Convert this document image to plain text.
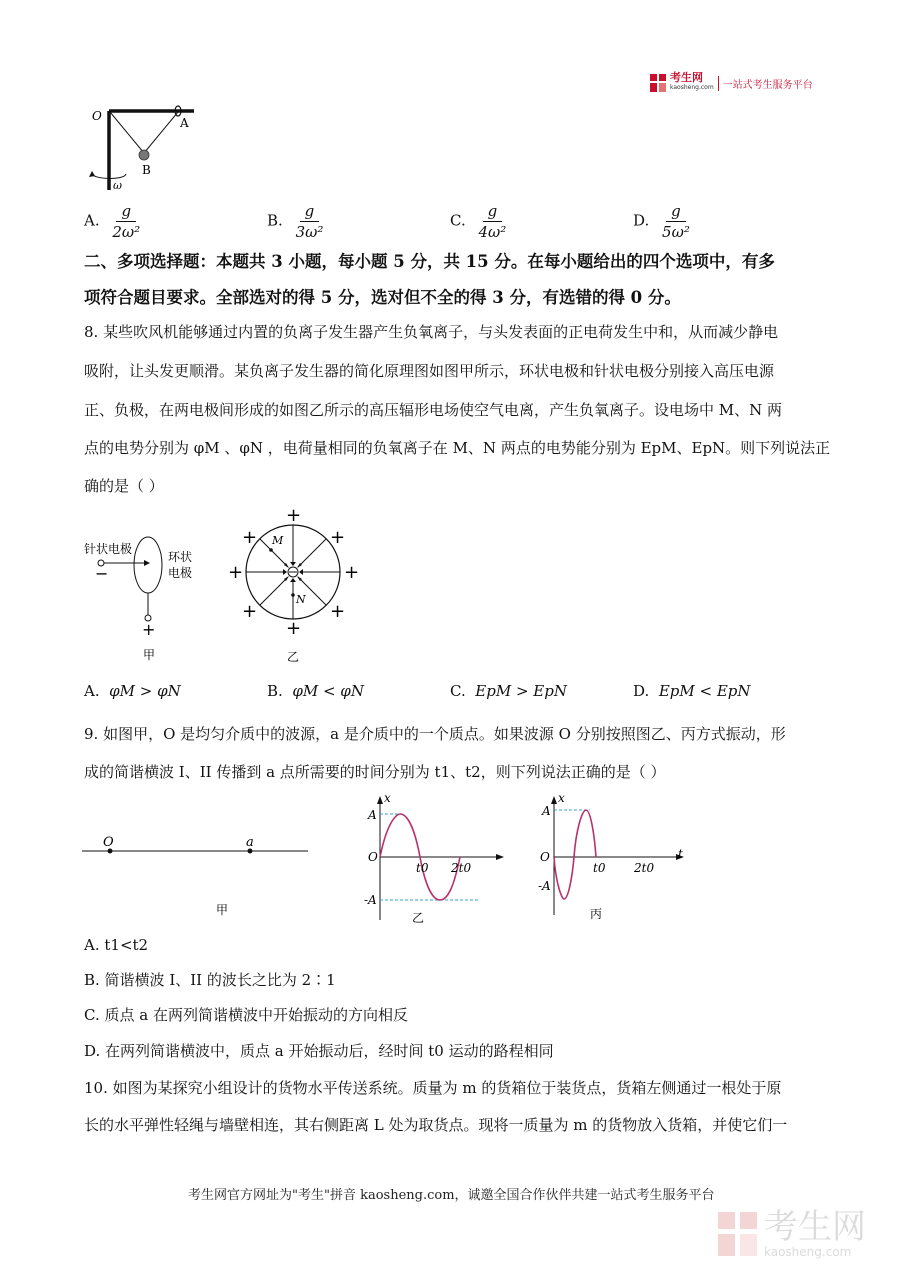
考生网
kaosheng.com 一站式考生服务平台
O	A
B
ω
A. $\frac{g}{\text{2ω²}}$	B. $\frac{g}{\text{3ω²}}$	C. $\frac{g}{\text{4ω²}}$	D. $\frac{g}{\text{5ω²}}$
二、多项选择题：本题共 3 小题，每小题 5 分，共 15 分。在每小题给出的四个选项中，有多
项符合题目要求。全部选对的得 5 分，选对但不全的得 3 分，有选错的得 0 分。
8. 某些吹风机能够通过内置的负离子发生器产生负氧离子，与头发表面的正电荷发生中和，从而减少静电
吸附，让头发更顺滑。某负离子发生器的简化原理图如图甲所示，环状电极和针状电极分别接入高压电源
正、负极，在两电极间形成的如图乙所示的高压辐形电场使空气电离，产生负氧离子。设电场中 M、N 两
点的电势分别为 φM 、φN ，电荷量相同的负氧离子在 M、N 两点的电势能分别为 EpM、EpN。则下列说法正
确的是（ ）
针状电极
−
环状
电极
+
甲
+
+
+	+
+	+
+	+
M
N
乙
A. φM > φN	B. φM < φN	C. EpM > EpN	D. EpM < EpN
9. 如图甲，O 是均匀介质中的波源，a 是介质中的一个质点。如果波源 O 分别按照图乙、丙方式振动，形
成的简谐横波 I、II 传播到 a 点所需要的时间分别为 t1、t2，则下列说法正确的是（ ）
O	a
甲
x
A
O
t0 2t0
-A
乙
x
A
O
t0 2t0
t
-A
丙
A. t1<t2
B. 简谐横波 I、II 的波长之比为 2∶1
C. 质点 a 在两列简谐横波中开始振动的方向相反
D. 在两列简谐横波中，质点 a 开始振动后，经时间 t0 运动的路程相同
10. 如图为某探究小组设计的货物水平传送系统。质量为 m 的货箱位于装货点，货箱左侧通过一根处于原
长的水平弹性轻绳与墙壁相连，其右侧距离 L 处为取货点。现将一质量为 m 的货物放入货箱，并使它们一
考生网官方网址为"考生"拼音 kaosheng.com，诚邀全国合作伙伴共建一站式考生服务平台
考生网
kaosheng.com
